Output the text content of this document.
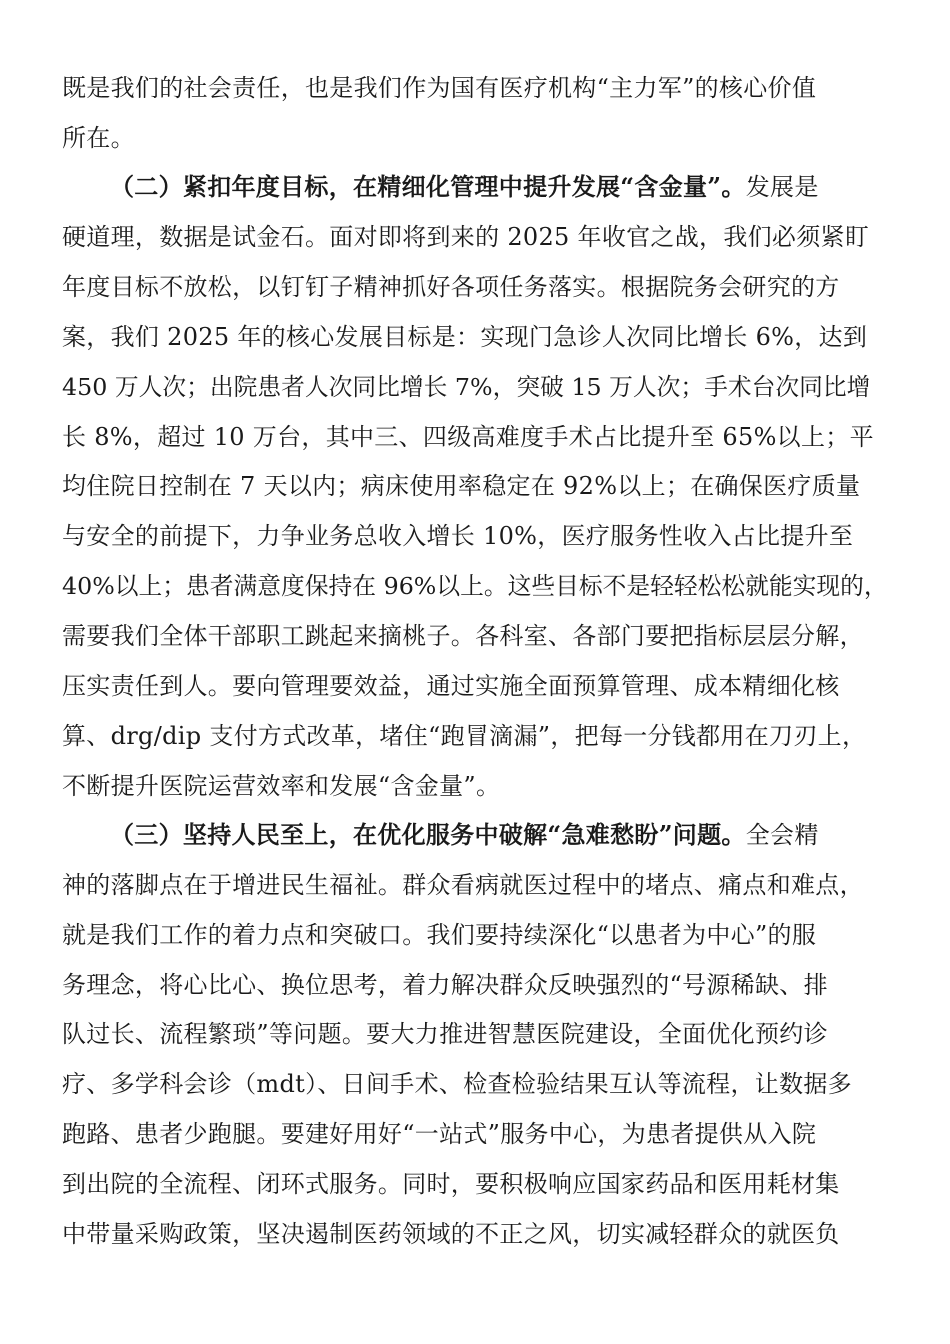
既是我们的社会责任，也是我们作为国有医疗机构“主力军”的核心价值
所在。
（二）紧扣年度目标，在精细化管理中提升发展“含金量”。发展是
硬道理，数据是试金石。面对即将到来的 2025 年收官之战，我们必须紧盯
年度目标不放松，以钉钉子精神抓好各项任务落实。根据院务会研究的方
案，我们 2025 年的核心发展目标是：实现门急诊人次同比增长 6%，达到
450 万人次；出院患者人次同比增长 7%，突破 15 万人次；手术台次同比增
长 8%，超过 10 万台，其中三、四级高难度手术占比提升至 65%以上；平
均住院日控制在 7 天以内；病床使用率稳定在 92%以上；在确保医疗质量
与安全的前提下，力争业务总收入增长 10%，医疗服务性收入占比提升至
40%以上；患者满意度保持在 96%以上。这些目标不是轻轻松松就能实现的，
需要我们全体干部职工跳起来摘桃子。各科室、各部门要把指标层层分解，
压实责任到人。要向管理要效益，通过实施全面预算管理、成本精细化核
算、drg/dip 支付方式改革，堵住“跑冒滴漏”，把每一分钱都用在刀刃上，
不断提升医院运营效率和发展“含金量”。
（三）坚持人民至上，在优化服务中破解“急难愁盼”问题。全会精
神的落脚点在于增进民生福祉。群众看病就医过程中的堵点、痛点和难点，
就是我们工作的着力点和突破口。我们要持续深化“以患者为中心”的服
务理念，将心比心、换位思考，着力解决群众反映强烈的“号源稀缺、排
队过长、流程繁琐”等问题。要大力推进智慧医院建设，全面优化预约诊
疗、多学科会诊（mdt）、日间手术、检查检验结果互认等流程，让数据多
跑路、患者少跑腿。要建好用好“一站式”服务中心，为患者提供从入院
到出院的全流程、闭环式服务。同时，要积极响应国家药品和医用耗材集
中带量采购政策，坚决遏制医药领域的不正之风，切实减轻群众的就医负
